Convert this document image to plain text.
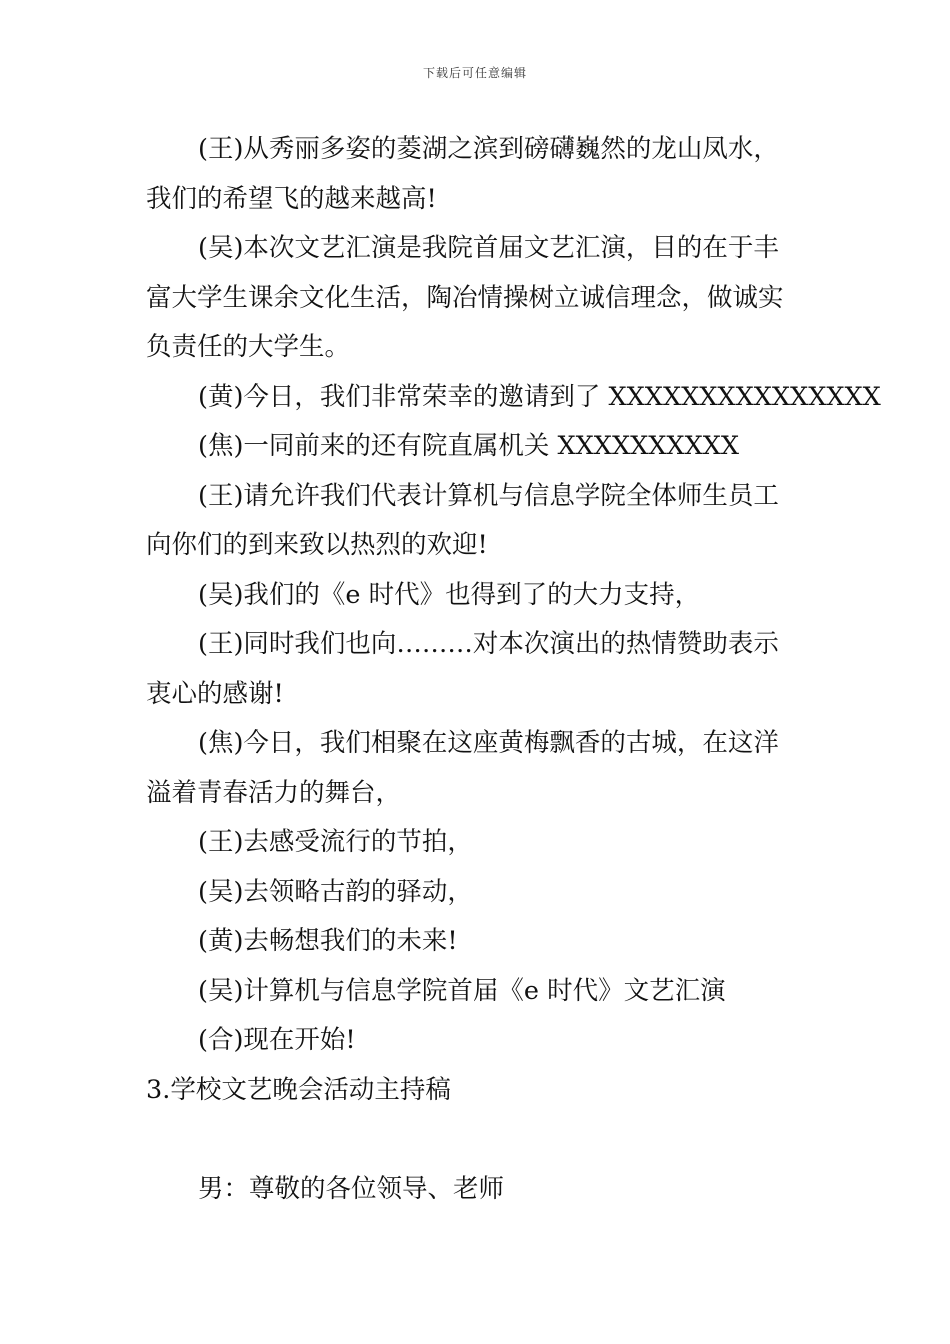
下载后可任意编辑
(王)从秀丽多姿的菱湖之滨到磅礴巍然的龙山凤水，
我们的希望飞的越来越高!
(吴)本次文艺汇演是我院首届文艺汇演，目的在于丰
富大学生课余文化生活，陶冶情操树立诚信理念，做诚实
负责任的大学生。
(黄)今日，我们非常荣幸的邀请到了 XXXXXXXXXXXXXXX
(焦)一同前来的还有院直属机关 XXXXXXXXXX
(王)请允许我们代表计算机与信息学院全体师生员工
向你们的到来致以热烈的欢迎!
(吴)我们的《e 时代》也得到了的大力支持，
(王)同时我们也向………对本次演出的热情赞助表示
衷心的感谢!
(焦)今日，我们相聚在这座黄梅飘香的古城，在这洋
溢着青春活力的舞台，
(王)去感受流行的节拍，
(吴)去领略古韵的驿动，
(黄)去畅想我们的未来!
(吴)计算机与信息学院首届《e 时代》文艺汇演
(合)现在开始!
3.学校文艺晚会活动主持稿
男：尊敬的各位领导、老师
